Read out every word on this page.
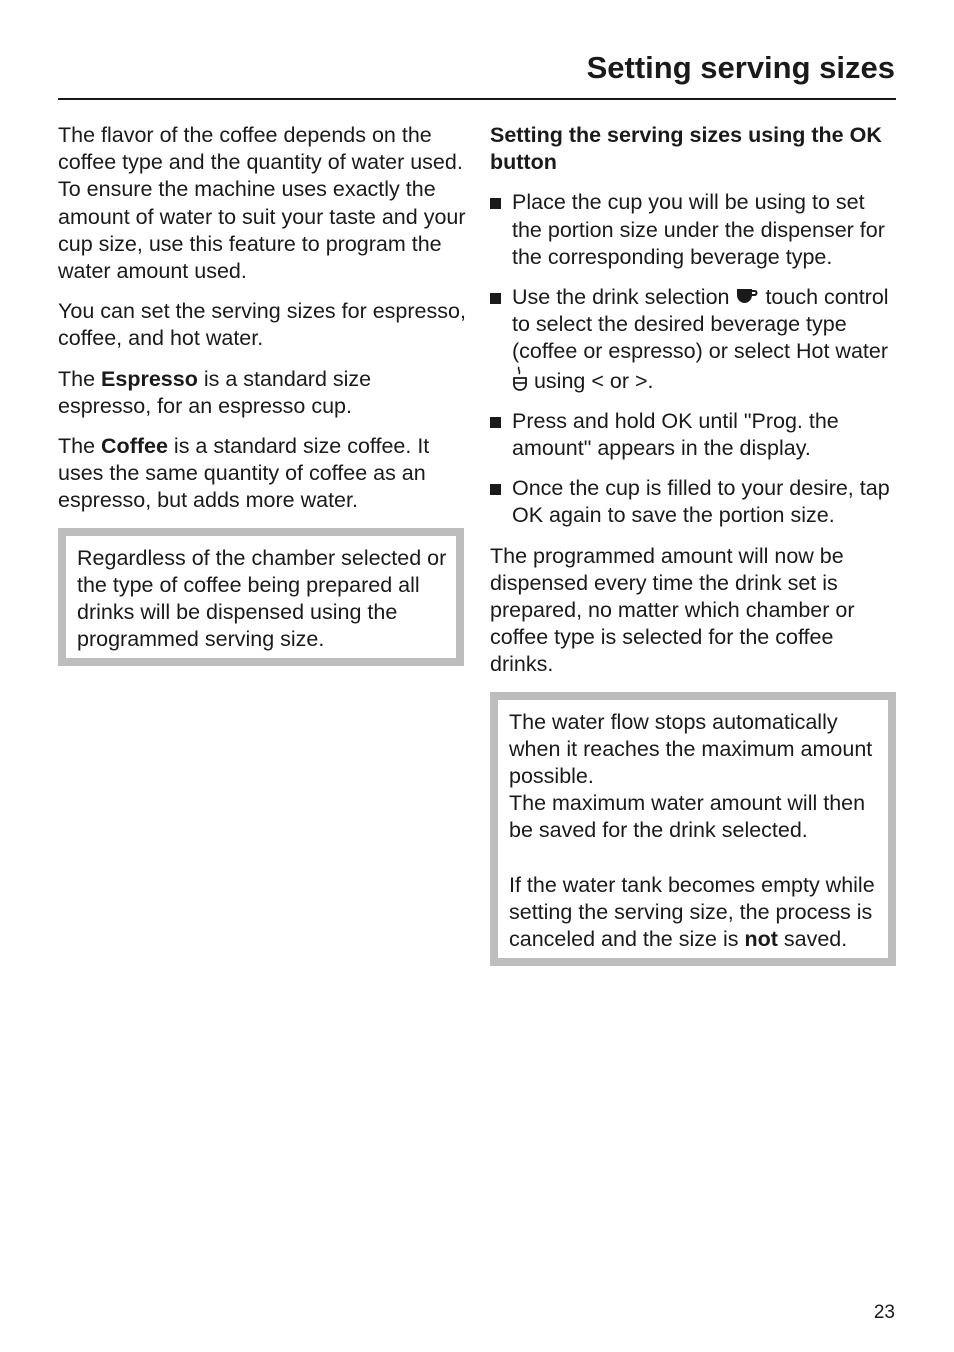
Setting serving sizes

The flavor of the coffee depends on the coffee type and the quantity of water used. To ensure the machine uses exactly the amount of water to suit your taste and your cup size, use this feature to program the water amount used.

You can set the serving sizes for espresso, coffee, and hot water.

The Espresso is a standard size espresso, for an espresso cup.

The Coffee is a standard size coffee. It uses the same quantity of coffee as an espresso, but adds more water.

Regardless of the chamber selected or the type of coffee being prepared all drinks will be dispensed using the programmed serving size.

Setting the serving sizes using the OK button

Place the cup you will be using to set the portion size under the dispenser for the corresponding beverage type.
Use the drink selection  touch control to select the desired beverage type (coffee or espresso) or select Hot water  using < or >.
Press and hold OK until "Prog. the amount" appears in the display.
Once the cup is filled to your desire, tap OK again to save the portion size.

The programmed amount will now be dispensed every time the drink set is prepared, no matter which chamber or coffee type is selected for the coffee drinks.

The water flow stops automatically when it reaches the maximum amount possible.

The maximum water amount will then be saved for the drink selected.

If the water tank becomes empty while setting the serving size, the process is canceled and the size is not saved.

23
